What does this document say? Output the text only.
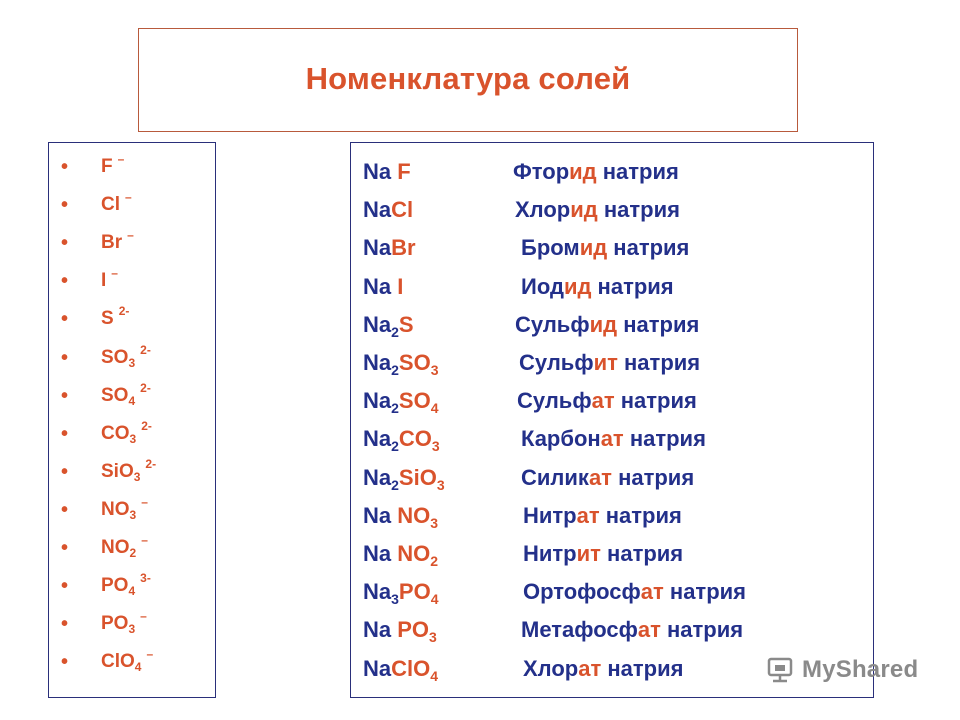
Номенклатура солей
•	F –
•	Cl –
•	Br –
•	I –
•	S 2-
•	$SO_3$
2-
•	$SO_4$
2-
•	$CO_3$
2-
•	SiO$_3$
2-
•	$NO_3$
–
•	$NO_2$
–
•	$PO_4$
3-
•	$PO_3$
–
•	ClO$_4$
–
Na F	Фторид натрия
NaCl	Хлорид натрия
NaBr	Бромид натрия
Na I	Иодид натрия
$Na_2S$	Сульфид натрия
$Na_2SO_3$	Сульфит натрия
$Na_2SO_4$	Сульфат натрия
$Na_2CO_3$	Карбонат натрия
$Na_2SiO_3$	Силикат натрия
Na $NO_3$	Нитрат натрия
Na $NO_2$	Нитрит натрия
$Na_3PO_4$	Ортофосфат натрия
Na $PO_3$	Метафосфат натрия
NaClO$_4$	Хлорат натрия	MyShared
